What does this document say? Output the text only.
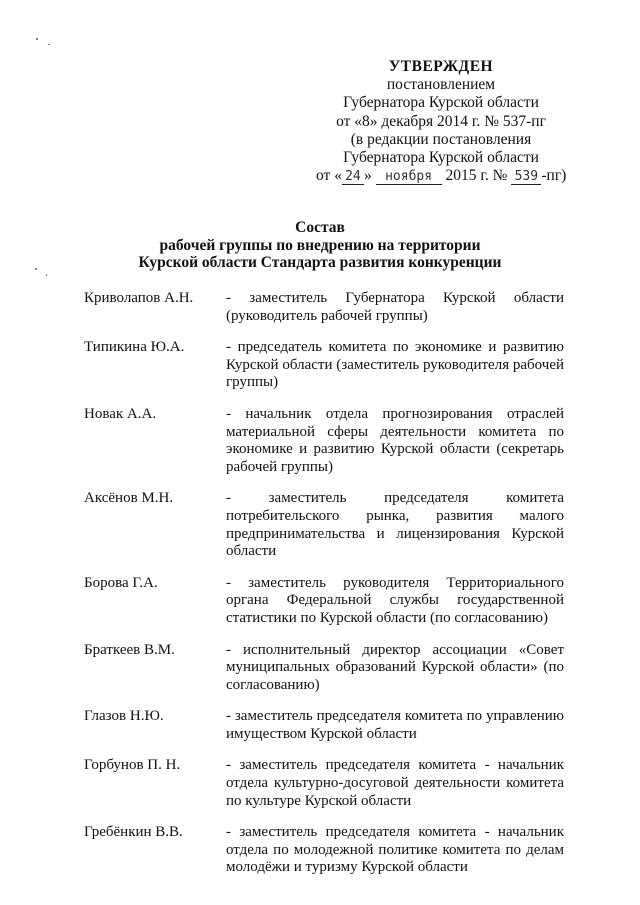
УТВЕРЖДЕН
постановлением
Губернатора Курской области
от «8» декабря 2014 г. № 537-пг
(в редакции постановления
Губернатора Курской области
от « 24 » ноября 2015 г. № 539 -пг)
Состав
рабочей группы по внедрению на территории
Курской области Стандарта развития конкуренции
Криволапов А.Н.	- заместитель Губернатора Курской области (руководитель рабочей группы)
Типикина Ю.А.	- председатель комитета по экономике и развитию Курской области (заместитель руководителя рабочей группы)
Новак А.А.	- начальник отдела прогнозирования отраслей материальной сферы деятельности комитета по экономике и развитию Курской области (секретарь рабочей группы)
Аксёнов М.Н.	- заместитель председателя комитета потребительского рынка, развития малого предпринимательства и лицензирования Курской области
Борова Г.А.	- заместитель руководителя Территориального органа Федеральной службы государственной статистики по Курской области (по согласованию)
Браткеев В.М.	- исполнительный директор ассоциации «Совет муниципальных образований Курской области» (по согласованию)
Глазов Н.Ю.	- заместитель председателя комитета по управлению имуществом Курской области
Горбунов П. Н.	- заместитель председателя комитета - начальник отдела культурно-досуговой деятельности комитета по культуре Курской области
Гребёнкин В.В.	- заместитель председателя комитета - начальник отдела по молодежной политике комитета по делам молодёжи и туризму Курской области
